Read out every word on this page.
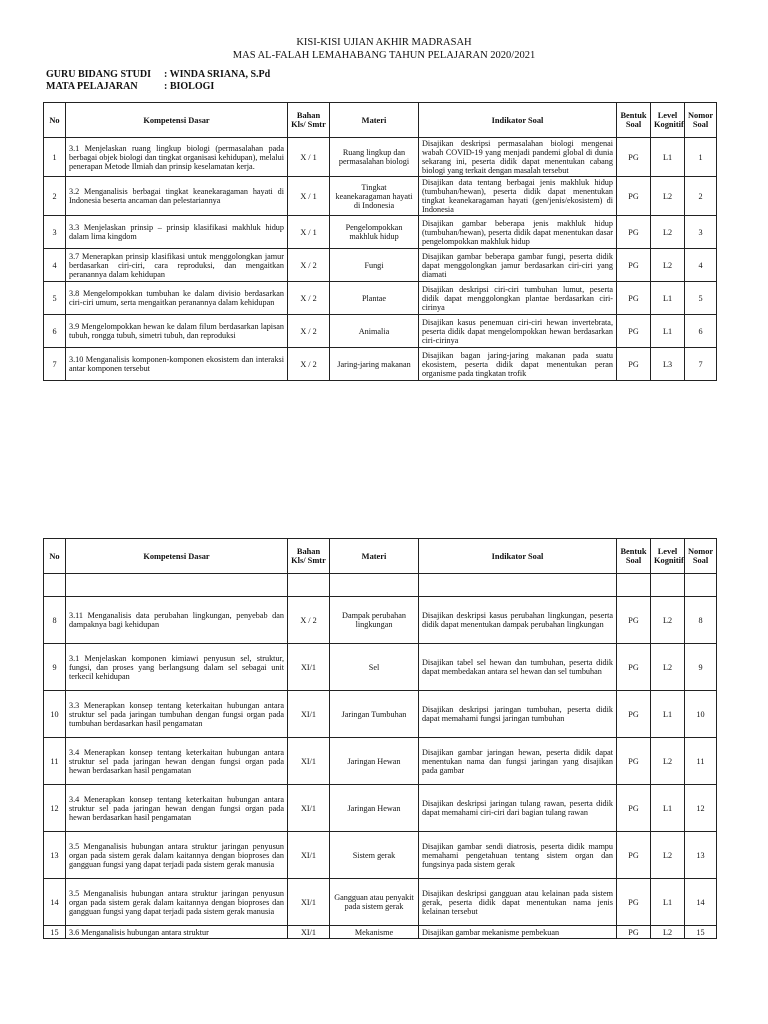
KISI-KISI UJIAN AKHIR MADRASAH
MAS AL-FALAH LEMAHABANG TAHUN PELAJARAN 2020/2021
GURU BIDANG STUDI	: WINDA SRIANA, S.Pd
MATA PELAJARAN	: BIOLOGI
No	Kompetensi Dasar	Bahan Kls/ Smtr	Materi	Indikator Soal	Bentuk Soal	Level Kognitif	Nomor Soal
1	3.1 Menjelaskan ruang lingkup biologi (permasalahan pada berbagai objek biologi dan tingkat organisasi kehidupan), melalui penerapan Metode Ilmiah dan prinsip keselamatan kerja.	X / 1	Ruang lingkup dan permasalahan biologi	Disajikan deskripsi permasalahan biologi mengenai wabah COVID-19 yang menjadi pandemi global di dunia sekarang ini, peserta didik dapat menentukan cabang biologi yang terkait dengan masalah tersebut	PG	L1	1
2	3.2 Menganalisis berbagai tingkat keanekaragaman hayati di Indonesia beserta ancaman dan pelestariannya	X / 1	Tingkat keanekaragaman hayati di Indonesia	Disajikan data tentang berbagai jenis makhluk hidup (tumbuhan/hewan), peserta didik dapat menentukan tingkat keanekaragaman hayati (gen/jenis/ekosistem) di Indonesia	PG	L2	2
3	3.3 Menjelaskan prinsip – prinsip klasifikasi makhluk hidup dalam lima kingdom	X / 1	Pengelompokkan makhluk hidup	Disajikan gambar beberapa jenis makhluk hidup (tumbuhan/hewan), peserta didik dapat menentukan dasar pengelompokkan makhluk hidup	PG	L2	3
4	3.7 Menerapkan prinsip klasifikasi untuk menggolongkan jamur berdasarkan ciri-ciri, cara reproduksi, dan mengaitkan peranannya dalam kehidupan	X / 2	Fungi	Disajikan gambar beberapa gambar fungi, peserta didik dapat menggolongkan jamur berdasarkan ciri-ciri yang diamati	PG	L2	4
5	3.8 Mengelompokkan tumbuhan ke dalam divisio berdasarkan ciri-ciri umum, serta mengaitkan peranannya dalam kehidupan	X / 2	Plantae	Disajikan deskripsi ciri-ciri tumbuhan lumut, peserta didik dapat menggolongkan plantae berdasarkan ciri-cirinya	PG	L1	5
6	3.9 Mengelompokkan hewan ke dalam filum berdasarkan lapisan tubuh, rongga tubuh, simetri tubuh, dan reproduksi	X / 2	Animalia	Disajikan kasus penemuan ciri-ciri hewan invertebrata, peserta didik dapat mengelompokkan hewan berdasarkan ciri-cirinya	PG	L1	6
7	3.10 Menganalisis komponen-komponen ekosistem dan interaksi antar komponen tersebut	X / 2	Jaring-jaring makanan	Disajikan bagan jaring-jaring makanan pada suatu ekosistem, peserta didik dapat menentukan peran organisme pada tingkatan trofik	PG	L3	7
No	Kompetensi Dasar	Bahan Kls/ Smtr	Materi	Indikator Soal	Bentuk Soal	Level Kognitif	Nomor Soal

8	3.11 Menganalisis data perubahan lingkungan, penyebab dan dampaknya bagi kehidupan	X / 2	Dampak perubahan lingkungan	Disajikan deskripsi kasus perubahan lingkungan, peserta didik dapat menentukan dampak perubahan lingkungan	PG	L2	8
9	3.1 Menjelaskan komponen kimiawi penyusun sel, struktur, fungsi, dan proses yang berlangsung dalam sel sebagai unit terkecil kehidupan	XI/1	Sel	Disajikan tabel sel hewan dan tumbuhan, peserta didik dapat membedakan antara sel hewan dan sel tumbuhan	PG	L2	9
10	3.3 Menerapkan konsep tentang keterkaitan hubungan antara struktur sel pada jaringan tumbuhan dengan fungsi organ pada tumbuhan berdasarkan hasil pengamatan	XI/1	Jaringan Tumbuhan	Disajikan deskripsi jaringan tumbuhan, peserta didik dapat memahami fungsi jaringan tumbuhan	PG	L1	10
11	3.4 Menerapkan konsep tentang keterkaitan hubungan antara struktur sel pada jaringan hewan dengan fungsi organ pada hewan berdasarkan hasil pengamatan	XI/1	Jaringan Hewan	Disajikan gambar jaringan hewan, peserta didik dapat menentukan nama dan fungsi jaringan yang disajikan pada gambar	PG	L2	11
12	3.4 Menerapkan konsep tentang keterkaitan hubungan antara struktur sel pada jaringan hewan dengan fungsi organ pada hewan berdasarkan hasil pengamatan	XI/1	Jaringan Hewan	Disajikan deskripsi jaringan tulang rawan, peserta didik dapat memahami ciri-ciri dari bagian tulang rawan	PG	L1	12
13	3.5 Menganalisis hubungan antara struktur jaringan penyusun organ pada sistem gerak dalam kaitannya dengan bioproses dan gangguan fungsi yang dapat terjadi pada sistem gerak manusia	XI/1	Sistem gerak	Disajikan gambar sendi diatrosis, peserta didik mampu memahami pengetahuan tentang sistem organ dan fungsinya pada sistem gerak	PG	L2	13
14	3.5 Menganalisis hubungan antara struktur jaringan penyusun organ pada sistem gerak dalam kaitannya dengan bioproses dan gangguan fungsi yang dapat terjadi pada sistem gerak manusia	XI/1	Gangguan atau penyakit pada sistem gerak	Disajikan deskripsi gangguan atau kelainan pada sistem gerak, peserta didik dapat menentukan nama jenis kelainan tersebut	PG	L1	14
15	3.6 Menganalisis hubungan antara struktur	XI/1	Mekanisme	Disajikan gambar mekanisme pembekuan	PG	L2	15
